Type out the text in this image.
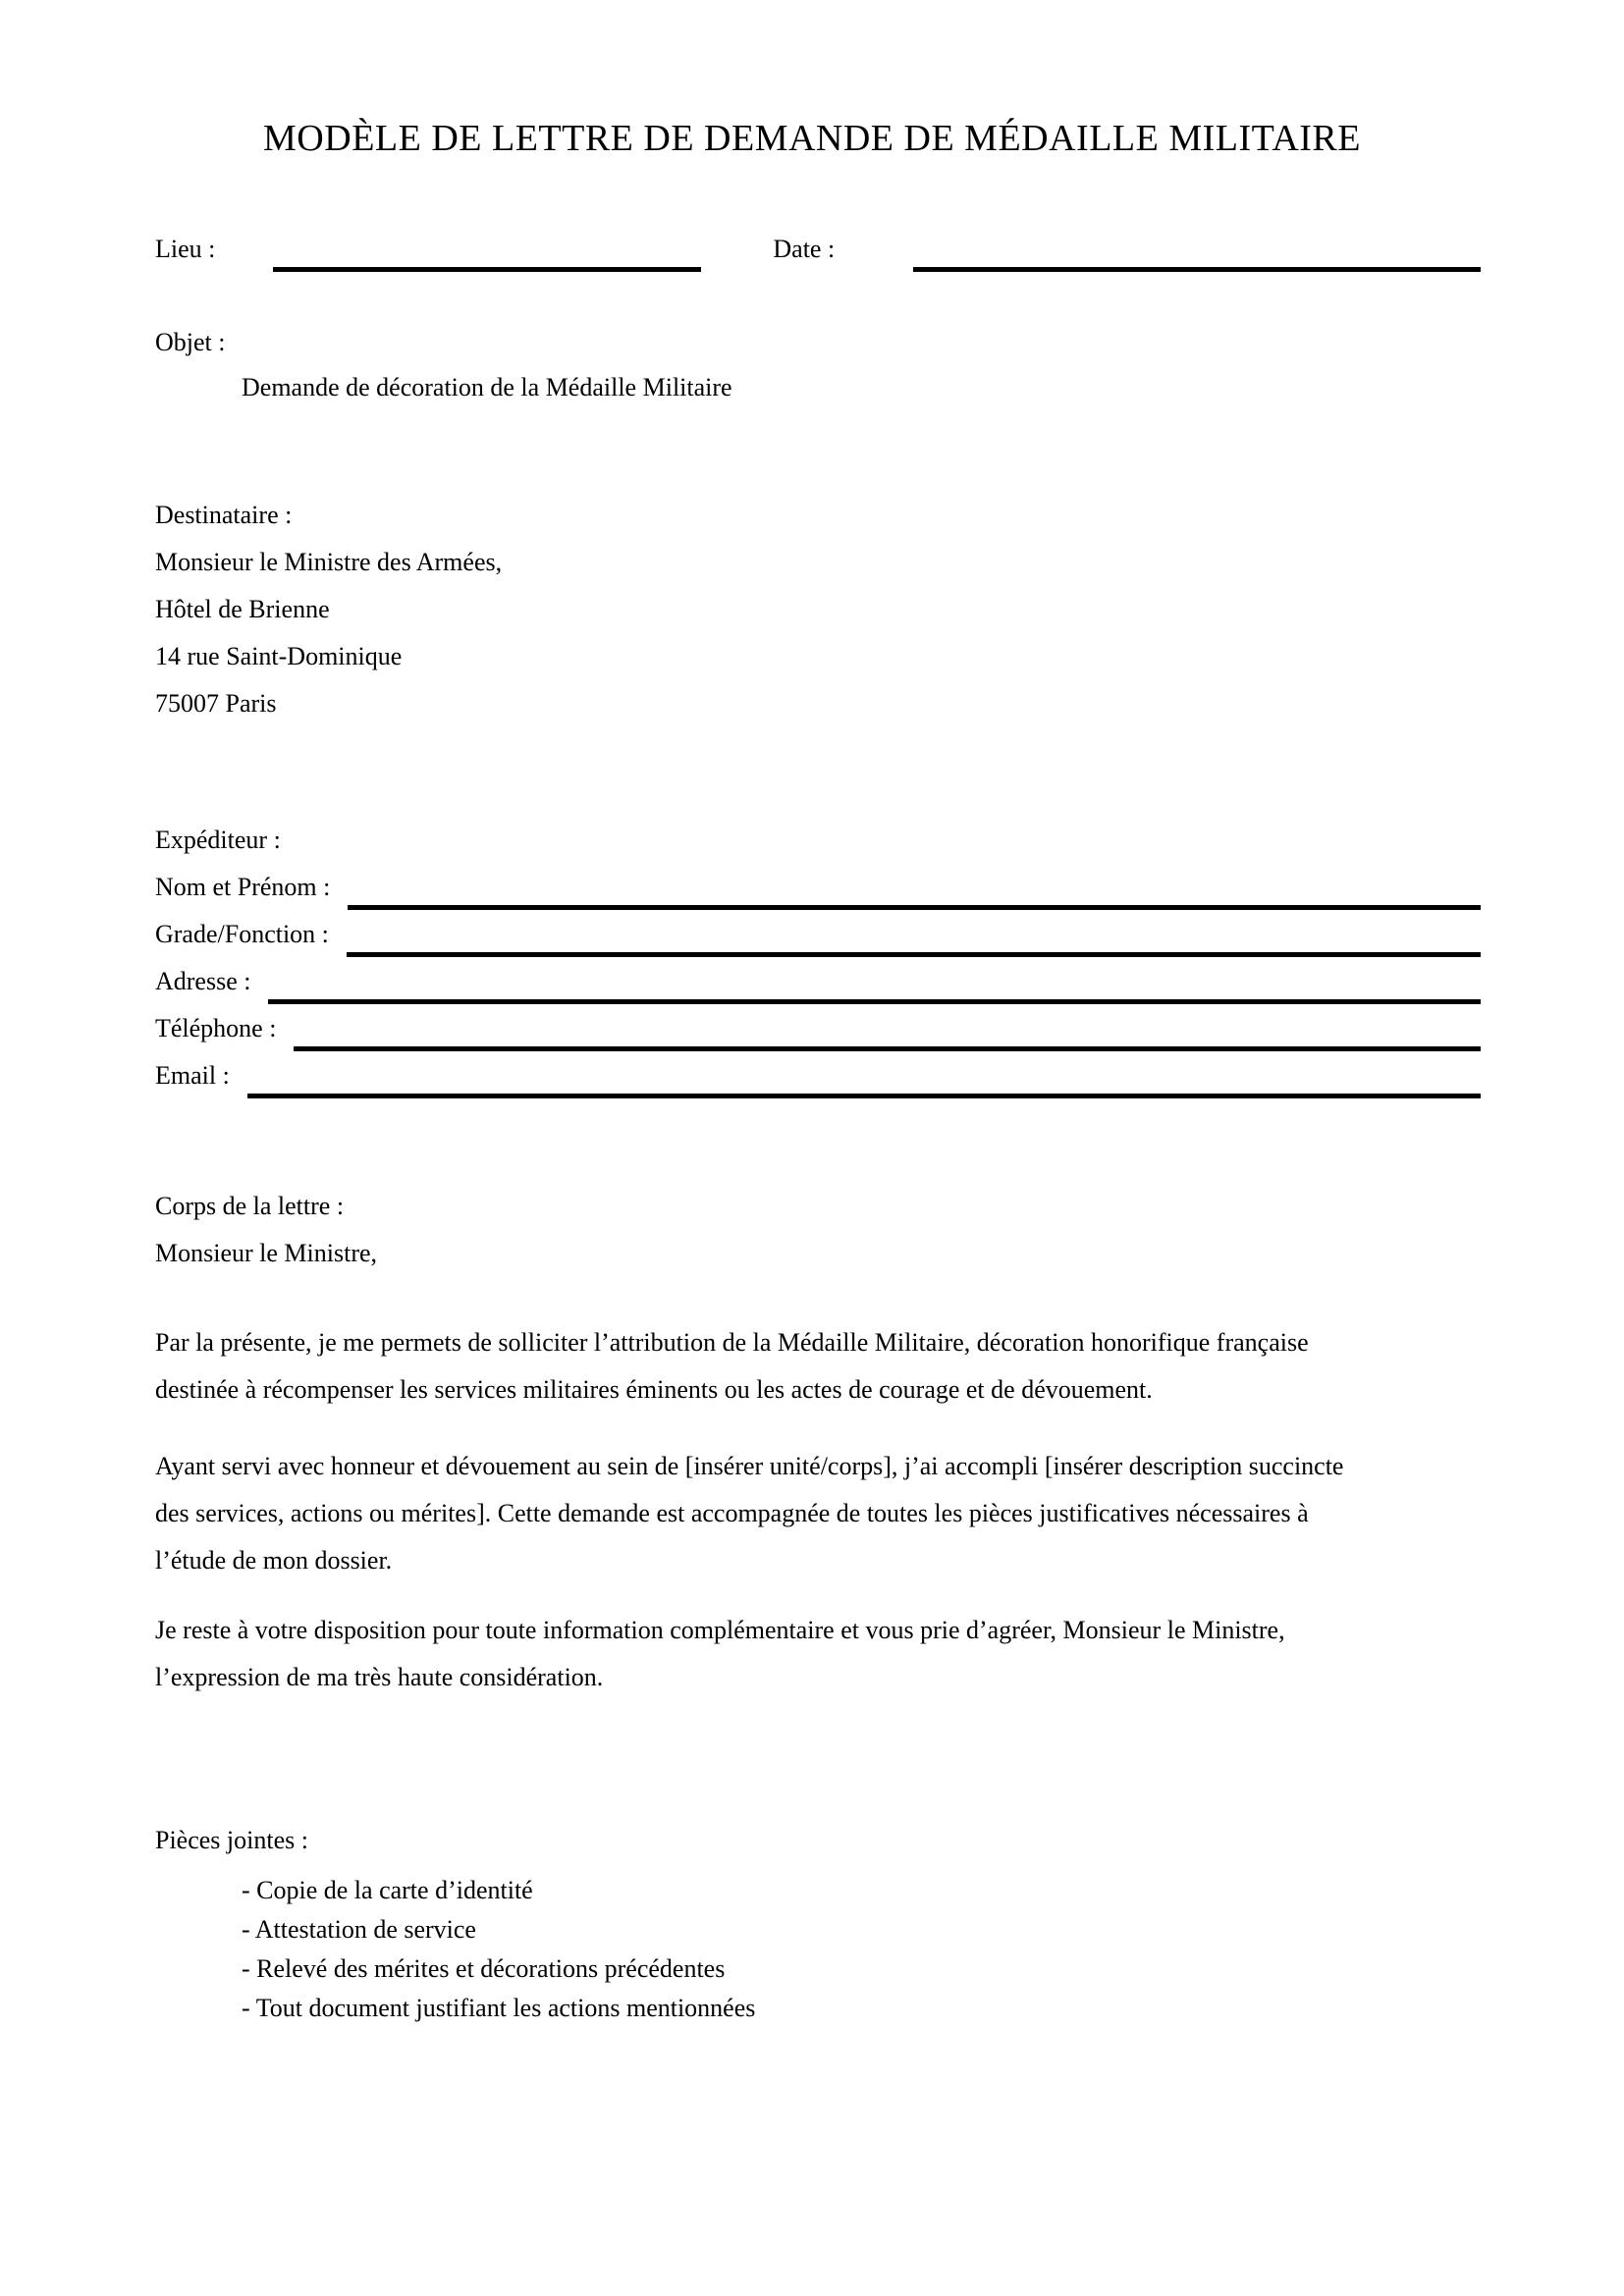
MODÈLE DE LETTRE DE DEMANDE DE MÉDAILLE MILITAIRE
Lieu :	Date :
Objet :
Demande de décoration de la Médaille Militaire
Destinataire :
Monsieur le Ministre des Armées,
Hôtel de Brienne
14 rue Saint-Dominique
75007 Paris
Expéditeur :
Nom et Prénom :
Grade/Fonction :
Adresse :
Téléphone :
Email :
Corps de la lettre :
Monsieur le Ministre,
Par la présente, je me permets de solliciter l’attribution de la Médaille Militaire, décoration honorifique française
destinée à récompenser les services militaires éminents ou les actes de courage et de dévouement.
Ayant servi avec honneur et dévouement au sein de [insérer unité/corps], j’ai accompli [insérer description succincte
des services, actions ou mérites]. Cette demande est accompagnée de toutes les pièces justificatives nécessaires à
l’étude de mon dossier.
Je reste à votre disposition pour toute information complémentaire et vous prie d’agréer, Monsieur le Ministre,
l’expression de ma très haute considération.
Pièces jointes :
- Copie de la carte d’identité
- Attestation de service
- Relevé des mérites et décorations précédentes
- Tout document justifiant les actions mentionnées
